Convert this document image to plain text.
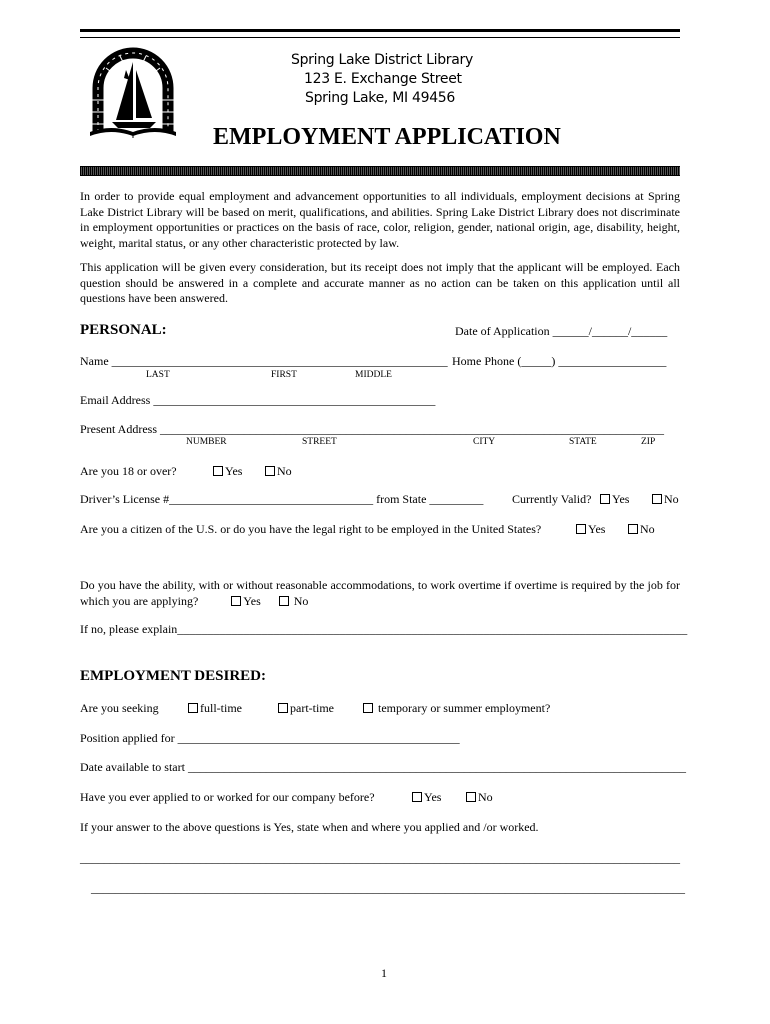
Spring Lake District Library
123 E. Exchange Street
Spring Lake, MI 49456
EMPLOYMENT APPLICATION
In order to provide equal employment and advancement opportunities to all individuals, employment decisions at Spring Lake District Library will be based on merit, qualifications, and abilities. Spring Lake District Library does not discriminate in employment opportunities or practices on the basis of race, color, religion, gender, national origin, age, disability, height, weight, marital status, or any other characteristic protected by law.
This application will be given every consideration, but its receipt does not imply that the applicant will be employed. Each question should be answered in a complete and accurate manner as no action can be taken on this application until all questions have been answered.
PERSONAL:	Date of Application ______/______/______
Name ________________________________________________________ Home Phone (_____) __________________
LAST	FIRST	MIDDLE
Email Address _______________________________________________
Present Address ____________________________________________________________________________________
NUMBER	STREET	CITY	STATE	ZIP
Are you 18 or over?	Yes	No
Driver’s License #__________________________________ from State _________ Currently Valid?	Yes	No
Are you a citizen of the U.S. or do you have the legal right to be employed in the United States?	Yes	No
Do you have the ability, with or without reasonable accommodations, to work overtime if overtime is required by the job for which you are applying?	Yes	No
If no, please explain_____________________________________________________________________________________
EMPLOYMENT DESIRED:
Are you seeking	full-time	part-time	temporary or summer employment?
Position applied for _______________________________________________
Date available to start ___________________________________________________________________________________
Have you ever applied to or worked for our company before?	Yes	No
If your answer to the above questions is Yes, state when and where you applied and /or worked.
____________________________________________________________________________________________________
___________________________________________________________________________________________________
1
